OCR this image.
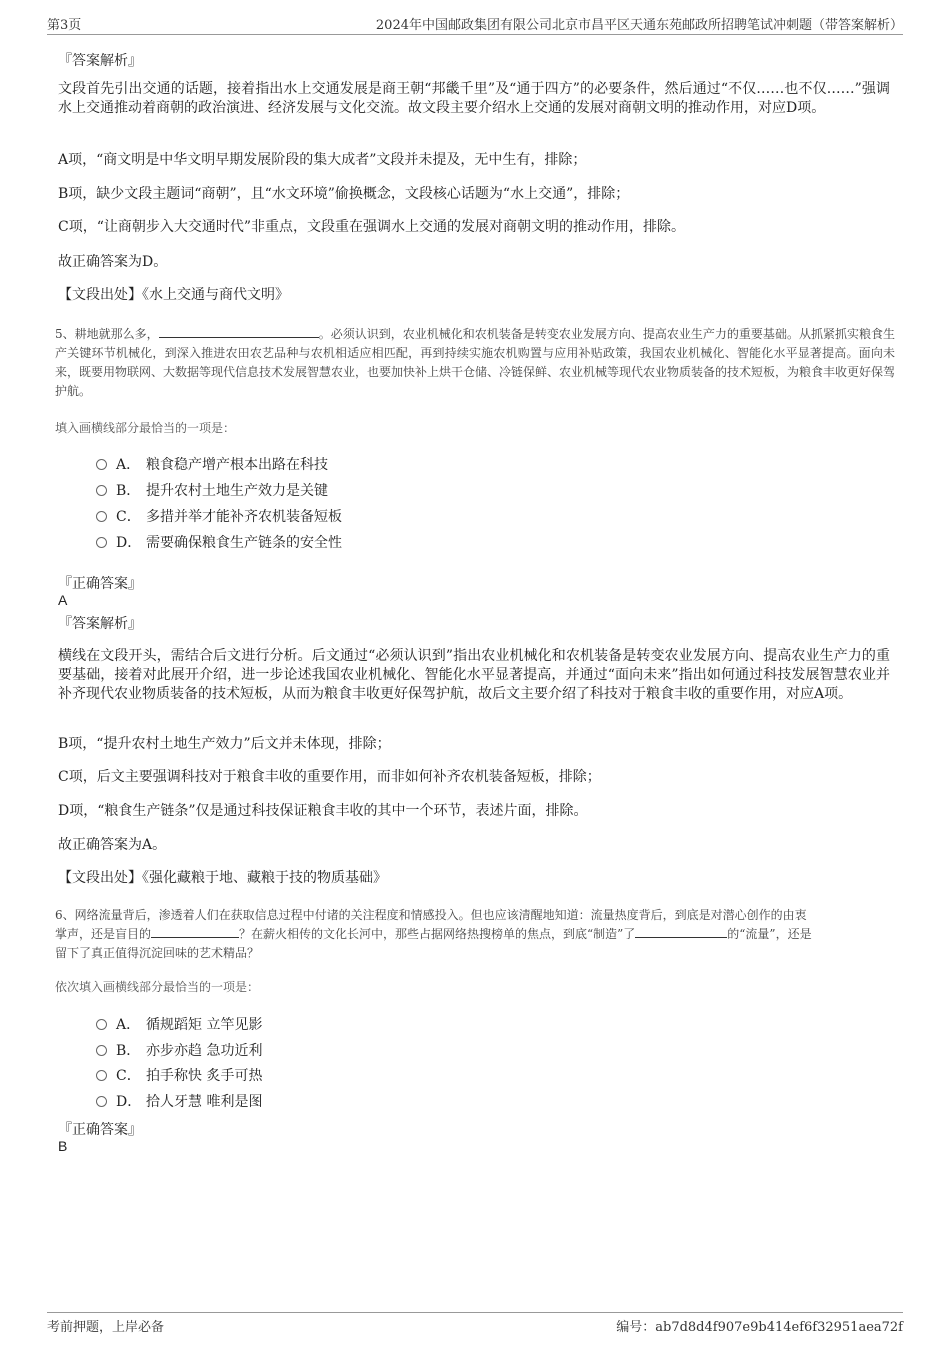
第3页	2024年中国邮政集团有限公司北京市昌平区天通东苑邮政所招聘笔试冲刺题（带答案解析）
『答案解析』
文段首先引出交通的话题，接着指出水上交通发展是商王朝“邦畿千里”及“通于四方”的必要条件，然后通过“不仅……也不仅……”强调水上交通推动着商朝的政治演进、经济发展与文化交流。故文段主要介绍水上交通的发展对商朝文明的推动作用，对应D项。
A项，“商文明是中华文明早期发展阶段的集大成者”文段并未提及，无中生有，排除；
B项，缺少文段主题词“商朝”，且“水文环境”偷换概念，文段核心话题为“水上交通”，排除；
C项，“让商朝步入大交通时代”非重点，文段重在强调水上交通的发展对商朝文明的推动作用，排除。
故正确答案为D。
【文段出处】《水上交通与商代文明》
5、耕地就那么多，	。必须认识到，农业机械化和农机装备是转变农业发展方向、提高农业生产力的重要基础。从抓紧抓实粮食生产关键环节机械化，到深入推进农田农艺品种与农机相适应相匹配，再到持续实施农机购置与应用补贴政策，我国农业机械化、智能化水平显著提高。面向未来，既要用物联网、大数据等现代信息技术发展智慧农业，也要加快补上烘干仓储、冷链保鲜、农业机械等现代农业物质装备的技术短板，为粮食丰收更好保驾护航。
填入画横线部分最恰当的一项是：
A． 粮食稳产增产根本出路在科技
B． 提升农村土地生产效力是关键
C． 多措并举才能补齐农机装备短板
D． 需要确保粮食生产链条的安全性
『正确答案』
A
『答案解析』
横线在文段开头，需结合后文进行分析。后文通过“必须认识到”指出农业机械化和农机装备是转变农业发展方向、提高农业生产力的重要基础，接着对此展开介绍，进一步论述我国农业机械化、智能化水平显著提高，并通过“面向未来”指出如何通过科技发展智慧农业并补齐现代农业物质装备的技术短板，从而为粮食丰收更好保驾护航，故后文主要介绍了科技对于粮食丰收的重要作用，对应A项。
B项，“提升农村土地生产效力”后文并未体现，排除；
C项，后文主要强调科技对于粮食丰收的重要作用，而非如何补齐农机装备短板，排除；
D项，“粮食生产链条”仅是通过科技保证粮食丰收的其中一个环节，表述片面，排除。
故正确答案为A。
【文段出处】《强化藏粮于地、藏粮于技的物质基础》
6、网络流量背后，渗透着人们在获取信息过程中付诸的关注程度和情感投入。但也应该清醒地知道：流量热度背后，到底是对潜心创作的由衷
掌声，还是盲目的	？在薪火相传的文化长河中，那些占据网络热搜榜单的焦点，到底“制造”了	的“流量”，还是
留下了真正值得沉淀回味的艺术精品？
依次填入画横线部分最恰当的一项是：
A． 循规蹈矩 立竿见影
B． 亦步亦趋 急功近利
C． 拍手称快 炙手可热
D． 拾人牙慧 唯利是图
『正确答案』
B
考前押题，上岸必备	编号：ab7d8d4f907e9b414ef6f32951aea72f
